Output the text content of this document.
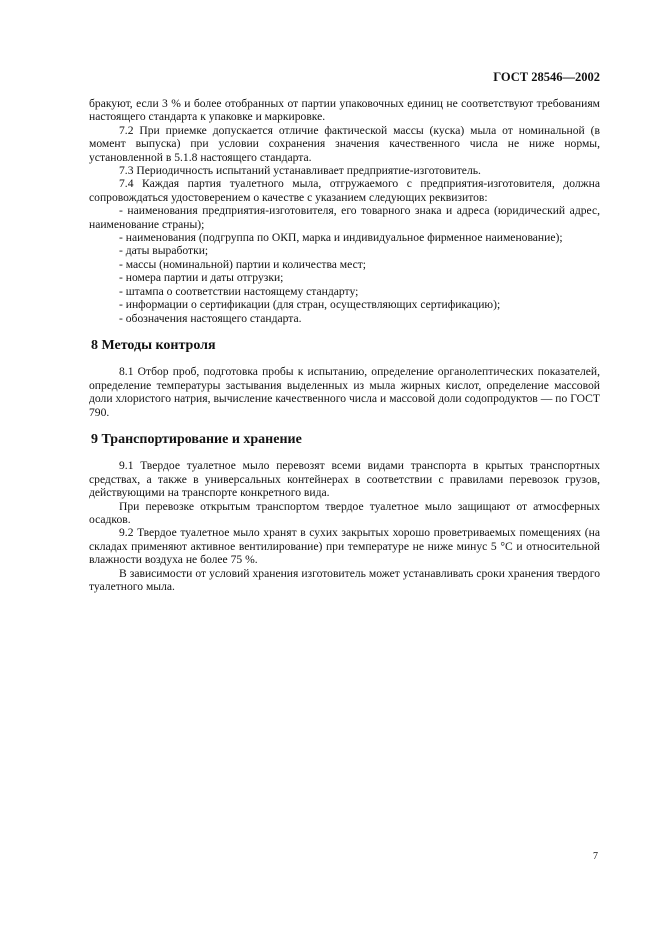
ГОСТ 28546—2002

бракуют, если 3 % и более отобранных от партии упаковочных единиц не соответствуют требованиям настоящего стандарта к упаковке и маркировке.

7.2 При приемке допускается отличие фактической массы (куска) мыла от номинальной (в момент выпуска) при условии сохранения значения качественного числа не ниже нормы, установленной в 5.1.8 настоящего стандарта.

7.3 Периодичность испытаний устанавливает предприятие-изготовитель.

7.4 Каждая партия туалетного мыла, отгружаемого с предприятия-изготовителя, должна сопровождаться удостоверением о качестве с указанием следующих реквизитов:

- наименования предприятия-изготовителя, его товарного знака и адреса (юридический адрес, наименование страны);

- наименования (подгруппа по ОКП, марка и индивидуальное фирменное наименование);

- даты выработки;

- массы (номинальной) партии и количества мест;

- номера партии и даты отгрузки;

- штампа о соответствии настоящему стандарту;

- информации о сертификации (для стран, осуществляющих сертификацию);

- обозначения настоящего стандарта.

8 Методы контроля

8.1 Отбор проб, подготовка пробы к испытанию, определение органолептических показателей, определение температуры застывания выделенных из мыла жирных кислот, определение массовой доли хлористого натрия, вычисление качественного числа и массовой доли содопродуктов — по ГОСТ 790.

9 Транспортирование и хранение

9.1 Твердое туалетное мыло перевозят всеми видами транспорта в крытых транспортных средствах, а также в универсальных контейнерах в соответствии с правилами перевозок грузов, действующими на транспорте конкретного вида.

При перевозке открытым транспортом твердое туалетное мыло защищают от атмосферных осадков.

9.2 Твердое туалетное мыло хранят в сухих закрытых хорошо проветриваемых помещениях (на складах применяют активное вентилирование) при температуре не ниже минус 5 °С и относительной влажности воздуха не более 75 %.

В зависимости от условий хранения изготовитель может устанавливать сроки хранения твердого туалетного мыла.

7
